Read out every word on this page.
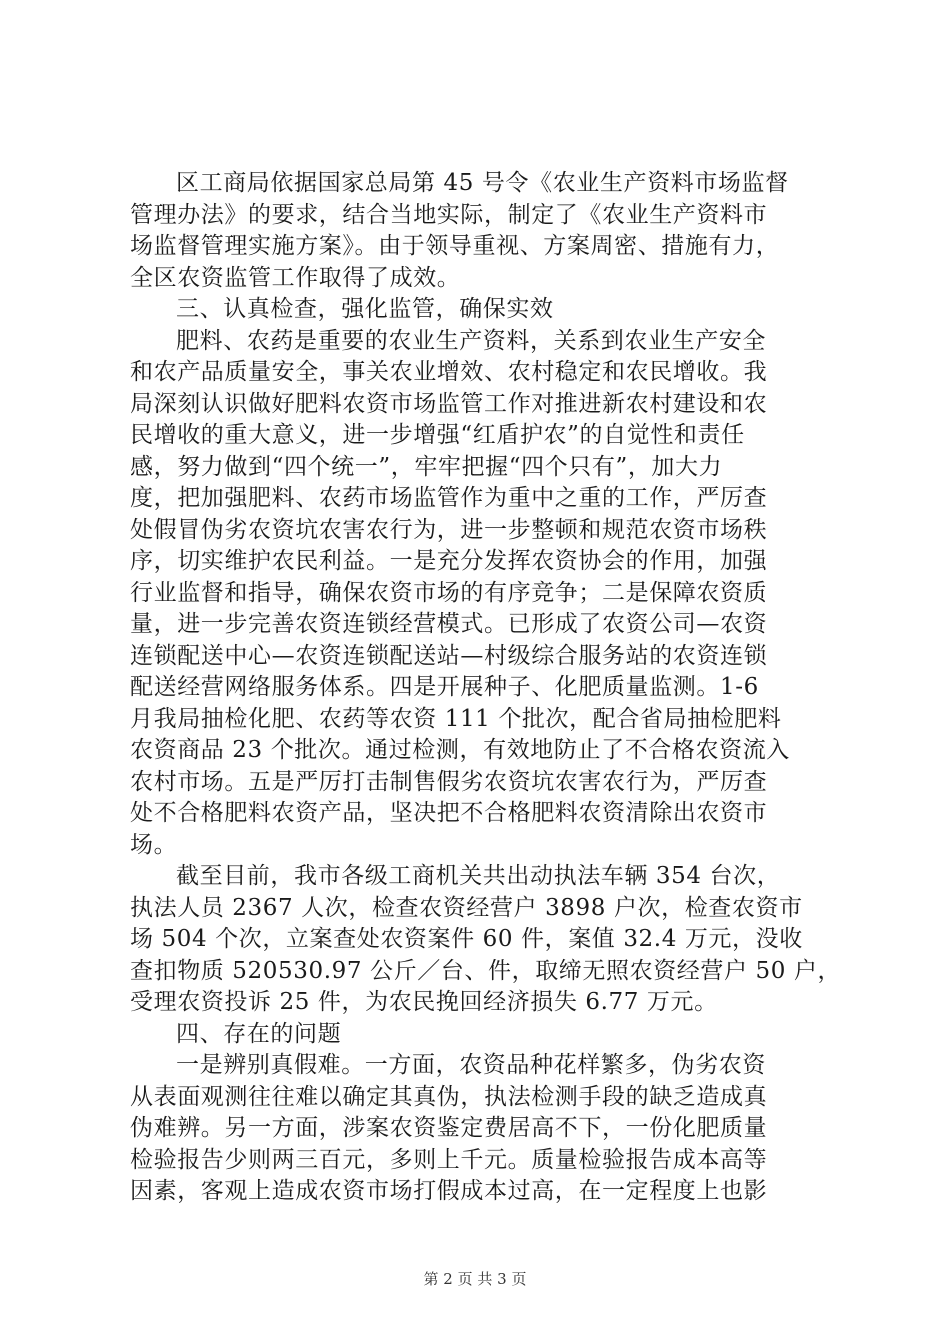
区工商局依据国家总局第 45 号令《农业生产资料市场监督
管理办法》的要求，结合当地实际，制定了《农业生产资料市
场监督管理实施方案》。由于领导重视、方案周密、措施有力，
全区农资监管工作取得了成效。
三、认真检查，强化监管，确保实效
肥料、农药是重要的农业生产资料，关系到农业生产安全
和农产品质量安全，事关农业增效、农村稳定和农民增收。我
局深刻认识做好肥料农资市场监管工作对推进新农村建设和农
民增收的重大意义，进一步增强“红盾护农”的自觉性和责任
感，努力做到“四个统一”，牢牢把握“四个只有”，加大力
度，把加强肥料、农药市场监管作为重中之重的工作，严厉查
处假冒伪劣农资坑农害农行为，进一步整顿和规范农资市场秩
序，切实维护农民利益。一是充分发挥农资协会的作用，加强
行业监督和指导，确保农资市场的有序竞争；二是保障农资质
量，进一步完善农资连锁经营模式。已形成了农资公司—农资
连锁配送中心—农资连锁配送站—村级综合服务站的农资连锁
配送经营网络服务体系。四是开展种子、化肥质量监测。1-6
月我局抽检化肥、农药等农资 111 个批次，配合省局抽检肥料
农资商品 23 个批次。通过检测，有效地防止了不合格农资流入
农村市场。五是严厉打击制售假劣农资坑农害农行为，严厉查
处不合格肥料农资产品，坚决把不合格肥料农资清除出农资市
场。
截至目前，我市各级工商机关共出动执法车辆 354 台次，
执法人员 2367 人次，检查农资经营户 3898 户次，检查农资市
场 504 个次，立案查处农资案件 60 件，案值 32.4 万元，没收
查扣物质 520530.97 公斤／台、件，取缔无照农资经营户 50 户，
受理农资投诉 25 件，为农民挽回经济损失 6.77 万元。
四、存在的问题
一是辨别真假难。一方面，农资品种花样繁多，伪劣农资
从表面观测往往难以确定其真伪，执法检测手段的缺乏造成真
伪难辨。另一方面，涉案农资鉴定费居高不下，一份化肥质量
检验报告少则两三百元，多则上千元。质量检验报告成本高等
因素，客观上造成农资市场打假成本过高，在一定程度上也影
第 2 页 共 3 页
